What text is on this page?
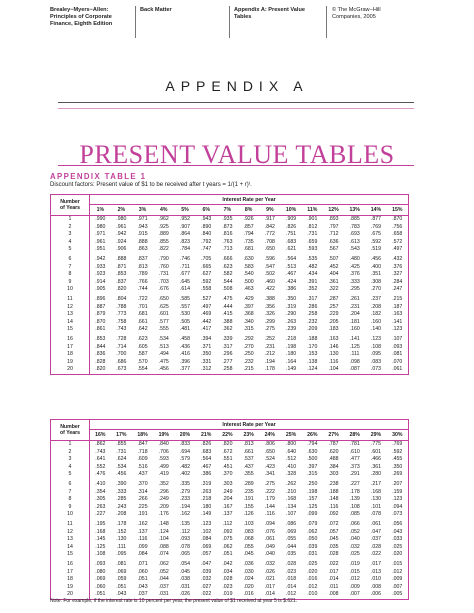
Brealey−Myers−Allen:
Principles of Corporate
Finance, Eighth Edition
Back Matter	Appendix A: Present Value
Tables
© The McGraw−Hill
Companies, 2005
APPENDIX A
PRESENT VALUE TABLES
APPENDIX TABLE 1
Discount factors: Present value of $1 to be received after t years = 1/(1 + r)ᵗ.
Number
of Years	Interest Rate per Year														
	1%	2%	3%	4%	5%	6%	7%	8%	9%	10%	11%	12%	13%	14%	15%
1	.990	.980	.971	.962	.952	.943	.935	.926	.917	.909	.901	.893	.885	.877	.870
2	.980	.961	.943	.925	.907	.890	.873	.857	.842	.826	.812	.797	.783	.769	.756
3	.971	.942	.915	.889	.864	.840	.816	.794	.772	.751	.731	.712	.693	.675	.658
4	.961	.924	.888	.855	.823	.792	.763	.735	.708	.683	.659	.636	.613	.592	.572
5	.951	.906	.863	.822	.784	.747	.713	.681	.650	.621	.593	.567	.543	.519	.497
6	.942	.888	.837	.790	.746	.705	.666	.630	.596	.564	.535	.507	.480	.456	.432
7	.933	.871	.813	.760	.711	.665	.623	.583	.547	.513	.482	.452	.425	.400	.376
8	.923	.853	.789	.731	.677	.627	.582	.540	.502	.467	.434	.404	.376	.351	.327
9	.914	.837	.766	.703	.645	.592	.544	.500	.460	.424	.391	.361	.333	.308	.284
10	.905	.820	.744	.676	.614	.558	.508	.463	.422	.386	.352	.322	.295	.270	.247
11	.896	.804	.722	.650	.585	.527	.475	.429	.388	.350	.317	.287	.261	.237	.215
12	.887	.788	.701	.625	.557	.497	.444	.397	.356	.319	.286	.257	.231	.208	.187
13	.879	.773	.681	.601	.530	.469	.415	.368	.326	.290	.258	.229	.204	.182	.163
14	.870	.758	.661	.577	.505	.442	.388	.340	.299	.263	.232	.205	.181	.160	.141
15	.861	.743	.642	.555	.481	.417	.362	.315	.275	.239	.209	.183	.160	.140	.123
16	.853	.728	.623	.534	.458	.394	.339	.292	.252	.218	.188	.163	.141	.123	.107
17	.844	.714	.605	.513	.436	.371	.317	.270	.231	.198	.170	.146	.125	.108	.093
18	.836	.700	.587	.494	.416	.350	.296	.250	.212	.180	.153	.130	.111	.095	.081
19	.828	.686	.570	.475	.396	.331	.277	.232	.194	.164	.138	.116	.098	.083	.070
20	.820	.673	.554	.456	.377	.312	.258	.215	.178	.149	.124	.104	.087	.073	.061
Number
of Years	Interest Rate per Year														
	16%	17%	18%	19%	20%	21%	22%	23%	24%	25%	26%	27%	28%	29%	30%
1	.862	.855	.847	.840	.833	.826	.820	.813	.806	.800	.794	.787	.781	.775	.769
2	.743	.731	.718	.706	.694	.683	.672	.661	.650	.640	.630	.620	.610	.601	.592
3	.641	.624	.609	.593	.579	.564	.551	.537	.524	.512	.500	.488	.477	.466	.455
4	.552	.534	.516	.499	.482	.467	.451	.437	.423	.410	.397	.384	.373	.361	.350
5	.476	.456	.437	.419	.402	.386	.370	.355	.341	.328	.315	.303	.291	.280	.269
6	.410	.390	.370	.352	.335	.319	.303	.289	.275	.262	.250	.238	.227	.217	.207
7	.354	.333	.314	.296	.279	.263	.249	.235	.222	.210	.198	.188	.178	.168	.159
8	.305	.285	.266	.249	.233	.218	.204	.191	.179	.168	.157	.148	.139	.130	.123
9	.263	.243	.225	.209	.194	.180	.167	.155	.144	.134	.125	.116	.108	.101	.094
10	.227	.208	.191	.176	.162	.149	.137	.126	.116	.107	.099	.092	.085	.078	.073
11	.195	.178	.162	.148	.135	.123	.112	.103	.094	.086	.079	.072	.066	.061	.056
12	.168	.152	.137	.124	.112	.102	.092	.083	.076	.069	.062	.057	.052	.047	.043
13	.145	.130	.116	.104	.093	.084	.075	.068	.061	.055	.050	.045	.040	.037	.033
14	.125	.111	.099	.088	.078	.069	.062	.055	.049	.044	.039	.035	.032	.028	.025
15	.108	.095	.084	.074	.065	.057	.051	.045	.040	.035	.031	.028	.025	.022	.020
16	.093	.081	.071	.062	.054	.047	.042	.036	.032	.028	.025	.022	.019	.017	.015
17	.080	.069	.060	.052	.045	.039	.034	.030	.026	.023	.020	.017	.015	.013	.012
18	.069	.059	.051	.044	.038	.032	.028	.024	.021	.018	.016	.014	.012	.010	.009
19	.060	.051	.043	.037	.031	.027	.023	.020	.017	.014	.012	.011	.009	.008	.007
20	.051	.043	.037	.031	.026	.022	.019	.016	.014	.012	.010	.008	.007	.006	.005
Note: For example, if the interest rate is 10 percent per year, the present value of $1 received at year 5 is $.621.
